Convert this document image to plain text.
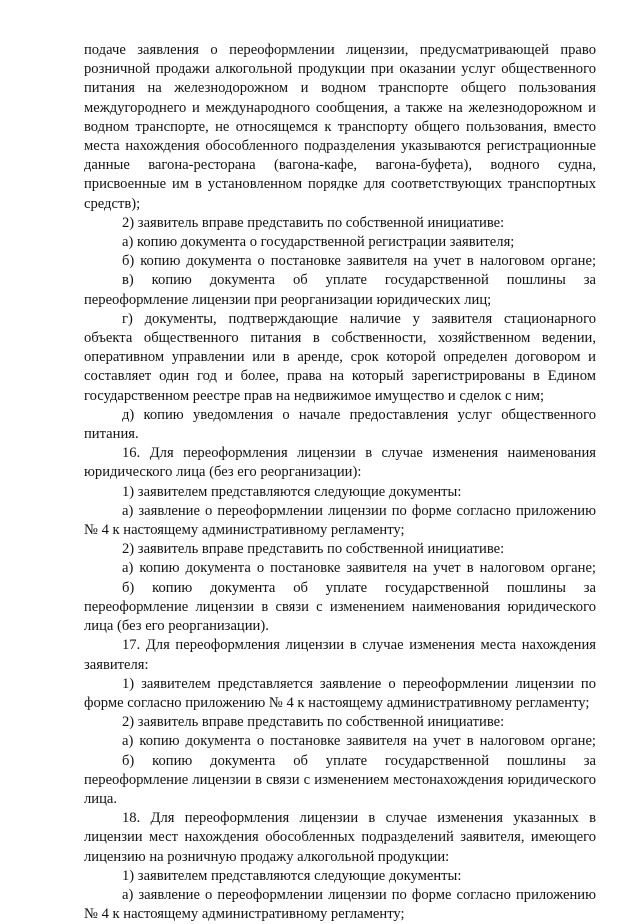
подаче заявления о переоформлении лицензии, предусматривающей право розничной продажи алкогольной продукции при оказании услуг общественного питания на железнодорожном и водном транспорте общего пользования междугороднего и международного сообщения, а также на железнодорожном и водном транспорте, не относящемся к транспорту общего пользования, вместо места нахождения обособленного подразделения указываются регистрационные данные вагона-ресторана (вагона-кафе, вагона-буфета), водного судна, присвоенные им в установленном порядке для соответствующих транспортных средств);

2) заявитель вправе представить по собственной инициативе:

а) копию документа о государственной регистрации заявителя;

б) копию документа о постановке заявителя на учет в налоговом органе;

в) копию документа об уплате государственной пошлины за переоформление лицензии при реорганизации юридических лиц;

г) документы, подтверждающие наличие у заявителя стационарного объекта общественного питания в собственности, хозяйственном ведении, оперативном управлении или в аренде, срок которой определен договором и составляет один год и более, права на который зарегистрированы в Едином государственном реестре прав на недвижимое имущество и сделок с ним;

д) копию уведомления о начале предоставления услуг общественного питания.

16. Для переоформления лицензии в случае изменения наименования юридического лица (без его реорганизации):

1) заявителем представляются следующие документы:

а) заявление о переоформлении лицензии по форме согласно приложению № 4 к настоящему административному регламенту;

2) заявитель вправе представить по собственной инициативе:

а) копию документа о постановке заявителя на учет в налоговом органе;

б) копию документа об уплате государственной пошлины за переоформление лицензии в связи с изменением наименования юридического лица (без его реорганизации).

17. Для переоформления лицензии в случае изменения места нахождения заявителя:

1) заявителем представляется заявление о переоформлении лицензии по форме согласно приложению № 4 к настоящему административному регламенту;

2) заявитель вправе представить по собственной инициативе:

а) копию документа о постановке заявителя на учет в налоговом органе;

б) копию документа об уплате государственной пошлины за переоформление лицензии в связи с изменением местонахождения юридического лица.

18. Для переоформления лицензии в случае изменения указанных в лицензии мест нахождения обособленных подразделений заявителя, имеющего лицензию на розничную продажу алкогольной продукции:

1) заявителем представляются следующие документы:

а) заявление о переоформлении лицензии по форме согласно приложению № 4 к настоящему административному регламенту;
